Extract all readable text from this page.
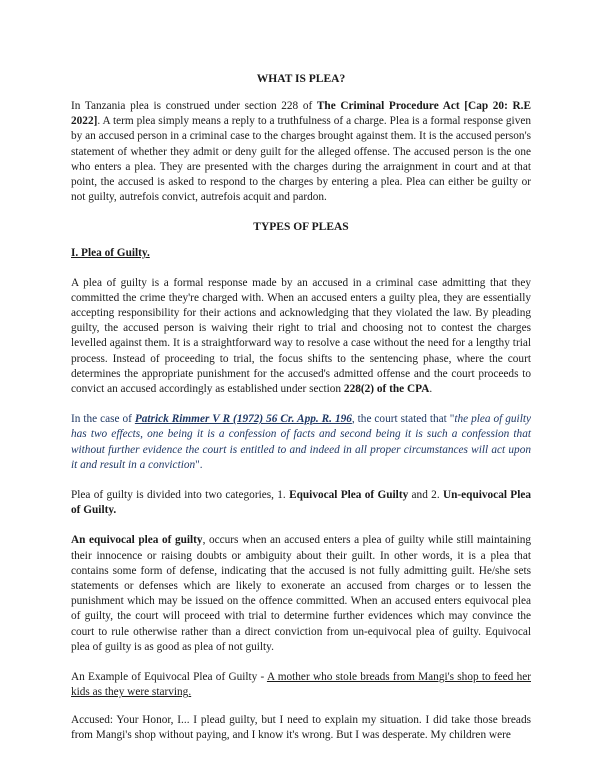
WHAT IS PLEA?

In Tanzania plea is construed under section 228 of The Criminal Procedure Act [Cap 20: R.E 2022]. A term plea simply means a reply to a truthfulness of a charge. Plea is a formal response given by an accused person in a criminal case to the charges brought against them. It is the accused person's statement of whether they admit or deny guilt for the alleged offense. The accused person is the one who enters a plea. They are presented with the charges during the arraignment in court and at that point, the accused is asked to respond to the charges by entering a plea. Plea can either be guilty or not guilty, autrefois convict, autrefois acquit and pardon.

TYPES OF PLEAS
I. Plea of Guilty.

A plea of guilty is a formal response made by an accused in a criminal case admitting that they committed the crime they're charged with. When an accused enters a guilty plea, they are essentially accepting responsibility for their actions and acknowledging that they violated the law. By pleading guilty, the accused person is waiving their right to trial and choosing not to contest the charges levelled against them. It is a straightforward way to resolve a case without the need for a lengthy trial process. Instead of proceeding to trial, the focus shifts to the sentencing phase, where the court determines the appropriate punishment for the accused's admitted offense and the court proceeds to convict an accused accordingly as established under section 228(2) of the CPA.

In the case of Patrick Rimmer V R (1972) 56 Cr. App. R. 196, the court stated that "the plea of guilty has two effects, one being it is a confession of facts and second being it is such a confession that without further evidence the court is entitled to and indeed in all proper circumstances will act upon it and result in a conviction".

Plea of guilty is divided into two categories, 1. Equivocal Plea of Guilty and 2. Un-equivocal Plea of Guilty.

An equivocal plea of guilty, occurs when an accused enters a plea of guilty while still maintaining their innocence or raising doubts or ambiguity about their guilt. In other words, it is a plea that contains some form of defense, indicating that the accused is not fully admitting guilt. He/she sets statements or defenses which are likely to exonerate an accused from charges or to lessen the punishment which may be issued on the offence committed. When an accused enters equivocal plea of guilty, the court will proceed with trial to determine further evidences which may convince the court to rule otherwise rather than a direct conviction from un-equivocal plea of guilty. Equivocal plea of guilty is as good as plea of not guilty.

An Example of Equivocal Plea of Guilty - A mother who stole breads from Mangi's shop to feed her kids as they were starving.

Accused: Your Honor, I... I plead guilty, but I need to explain my situation. I did take those breads from Mangi's shop without paying, and I know it's wrong. But I was desperate. My children were
